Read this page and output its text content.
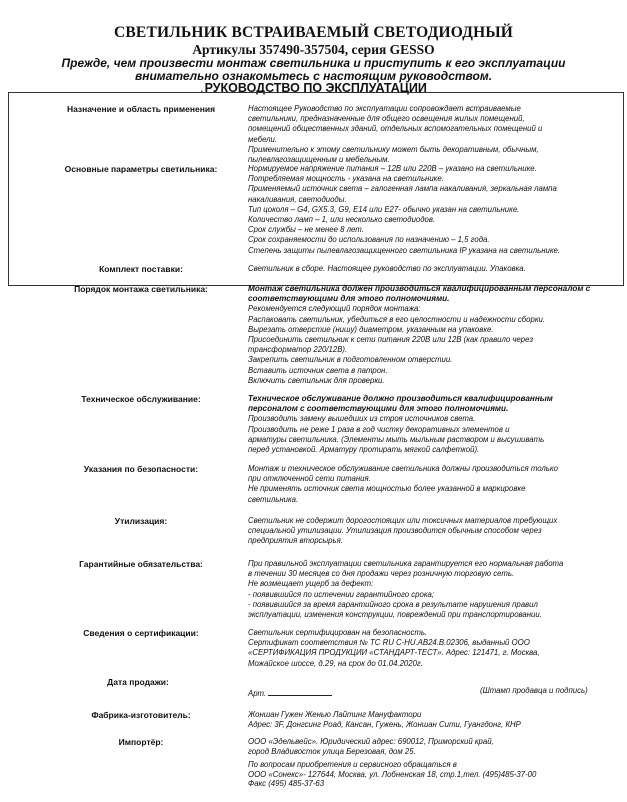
СВЕТИЛЬНИК ВСТРАИВАЕМЫЙ СВЕТОДИОДНЫЙ
Артикулы 357490-357504, серия GESSO
Прежде, чем произвести монтаж светильника и приступить к его эксплуатации
внимательно ознакомьтесь с настоящим руководством.
.РУКОВОДСТВО ПО ЭКСПЛУАТАЦИИ
Назначение и область применения	Настоящее Руководство по эксплуатации сопровождает встраиваемые
светильники, предназначенные для общего освещения жилых помещений,
помещений общественных зданий, отдельных вспомогательных помещений и
мебели.
Применительно к этому светильнику может быть декоративным, обычным,
пылевлагозащищенным и мебельным.
Основные параметры светильника:	Нормируемое напряжение питания – 12В или 220В – указано на светильнике.
Потребляемая мощность - указана на светильнике.
Применяемый источник света – галогенная лампа накаливания, зеркальная лампа
накаливания, светодиоды.
Тип цоколя – G4, GX5.3, G9, E14 или E27- обычно указан на светильнике.
Количество ламп – 1, или несколько светодиодов.
Срок службы – не менее 8 лет.
Срок сохраняемости до использования по назначению – 1,5 года.
Степень защиты пылевлагозащищенного светильника IP указана на светильнике.
Комплект поставки:	Светильник в сборе. Настоящее руководство по эксплуатации. Упаковка.
Порядок монтажа светильника:	Монтаж светильника должен производиться квалифицированным персоналом с
соответствующими для этого полномочиями.
Рекомендуется следующий порядок монтажа:
Распаковать светильник, убедиться в его целостности и надежности сборки.
Вырезать отверстие (нишу) диаметром, указанным на упаковке.
Присоединить светильник к сети питания 220В или 12В (как правило через
трансформатор 220/12В).
Закрепить светильник в подготовленном отверстии.
Вставить источник света в патрон.
Включить светильник для проверки.
Техническое обслуживание:	Техническое обслуживание должно производиться квалифицированным
персоналом с соответствующими для этого полномочиями.
Производить замену вышедших из строя источников света.
Производить не реже 1 раза в год чистку декоративных элементов и
арматуры светильника. (Элементы мыть мыльным раствором и высушивать
перед установкой. Арматуру протирать мягкой салфеткой).
Указания по безопасности:	Монтаж и техническое обслуживание светильника должны производиться только
при отключенной сети питания.
Не применять источник света мощностью более указанной в маркировке
светильника.
Утилизация:	Светильник не содержит дорогостоящих или токсичных материалов требующих
специальной утилизации. Утилизация производится обычным способом через
предприятия вторсырья.
Гарантийные обязательства:	При правильной эксплуатации светильника гарантируется его нормальная работа
в течении 30 месяцев со дня продажи через розничную торговую сеть.
Не возмещает ущерб за дефект:
- появившийся по истечении гарантийного срока;
- появившийся за время гарантийного срока в результате нарушения правил
эксплуатации, изменения конструкции, повреждений при транспортировании.
Сведения о сертификации:	Светильник сертифицирован на безопасность.
Сертификат соответствия № ТС RU C-HU.AB24.B.02306, выданный ООО
«СЕРТИФИКАЦИЯ ПРОДУКЦИИ «СТАНДАРТ-ТЕСТ». Адрес: 121471, г. Москва,
Можайское шоссе, д.29, на срок до 01.04.2020г.
Дата продажи:
Арт.	(Штамп продавца и подпись)
Фабрика-изготовитель:	Жоншан Гужен Женью Лайтинг Мануфактори
Адрес: 3F, Донгсинг Роад, Кансан, Гужень, Жоншан Сити, Гуангдонг, КНР
Импортёр:	ООО «Эдельвейс». Юридический адрес: 690012, Приморский край,
город Владивосток улица Березовая, дом 25.
По вопросам приобретения и сервисного обращаться в
ООО «Сонекс»- 127644, Москва, ул. Лобненская 18, стр.1,тел. (495)485-37-00
Факс (495) 485-37-63
